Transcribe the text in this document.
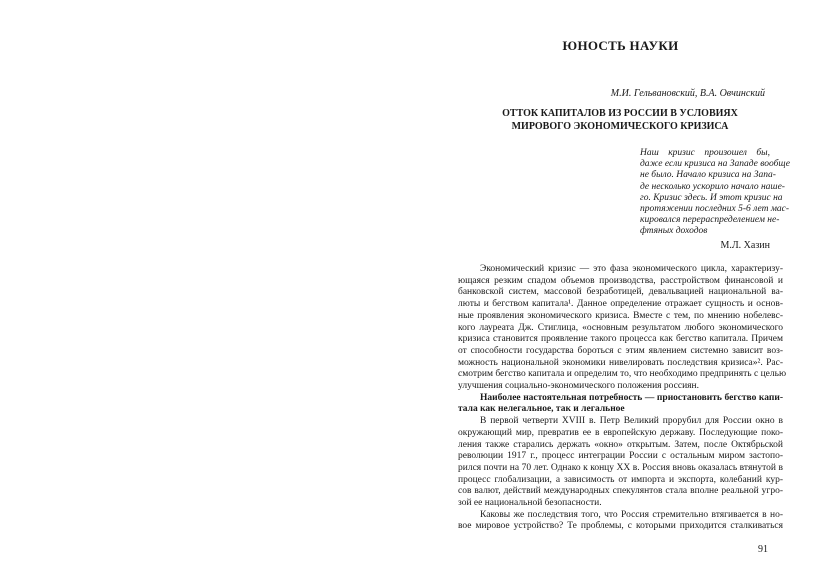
ЮНОСТЬ НАУКИ

М.И. Гельвановский, В.А. Овчинский

ОТТОК КАПИТАЛОВ ИЗ РОССИИ В УСЛОВИЯХ
МИРОВОГО ЭКОНОМИЧЕСКОГО КРИЗИСА
Наш кризис произошел бы,
даже если кризиса на Западе вообще
не было. Начало кризиса на Запа-
де несколько ускорило начало наше-
го. Кризис здесь. И этот кризис на
протяжении последних 5-6 лет мас-
кировался перераспределением не-
фтяных доходов

М.Л. Хазин

Экономический кризис — это фаза экономического цикла, характеризу-
ющаяся резким спадом объемов производства, расстройством финансовой и
банковской систем, массовой безработицей, девальвацией национальной ва-
люты и бегством капитала¹. Данное определение отражает сущность и основ-
ные проявления экономического кризиса. Вместе с тем, по мнению нобелевс-
кого лауреата Дж. Стиглица, «основным результатом любого экономического
кризиса становится проявление такого процесса как бегство капитала. Причем
от способности государства бороться с этим явлением системно зависит воз-
можность национальной экономики нивелировать последствия кризиса»². Рас-
смотрим бегство капитала и определим то, что необходимо предпринять с целью
улучшения социально-экономического положения россиян.
Наиболее настоятельная потребность — приостановить бегство капи-
тала как нелегальное, так и легальное
В первой четверти XVIII в. Петр Великий прорубил для России окно в
окружающий мир, превратив ее в европейскую державу. Последующие поко-
ления также старались держать «окно» открытым. Затем, после Октябрьской
революции 1917 г., процесс интеграции России с остальным миром застопо-
рился почти на 70 лет. Однако к концу XX в. Россия вновь оказалась втянутой в
процесс глобализации, а зависимость от импорта и экспорта, колебаний кур-
сов валют, действий международных спекулянтов стала вполне реальной угро-
зой ее национальной безопасности.
Каковы же последствия того, что Россия стремительно втягивается в но-
вое мировое устройство? Те проблемы, с которыми приходится сталкиваться

91
